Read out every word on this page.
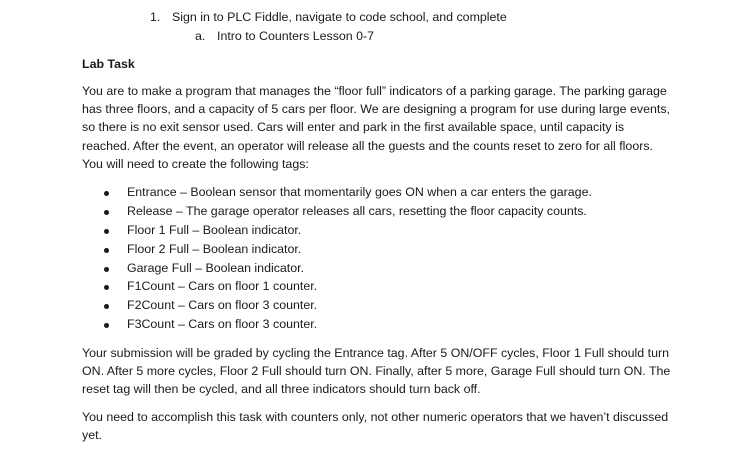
1. Sign in to PLC Fiddle, navigate to code school, and complete
a. Intro to Counters Lesson 0-7
Lab Task

You are to make a program that manages the “floor full” indicators of a parking garage. The parking garage has three floors, and a capacity of 5 cars per floor. We are designing a program for use during large events, so there is no exit sensor used. Cars will enter and park in the first available space, until capacity is reached. After the event, an operator will release all the guests and the counts reset to zero for all floors. You will need to create the following tags:

Entrance – Boolean sensor that momentarily goes ON when a car enters the garage.
Release – The garage operator releases all cars, resetting the floor capacity counts.
Floor 1 Full – Boolean indicator.
Floor 2 Full – Boolean indicator.
Garage Full – Boolean indicator.
F1Count – Cars on floor 1 counter.
F2Count – Cars on floor 3 counter.
F3Count – Cars on floor 3 counter.

Your submission will be graded by cycling the Entrance tag. After 5 ON/OFF cycles, Floor 1 Full should turn ON. After 5 more cycles, Floor 2 Full should turn ON. Finally, after 5 more, Garage Full should turn ON. The reset tag will then be cycled, and all three indicators should turn back off.

You need to accomplish this task with counters only, not other numeric operators that we haven’t discussed yet.
